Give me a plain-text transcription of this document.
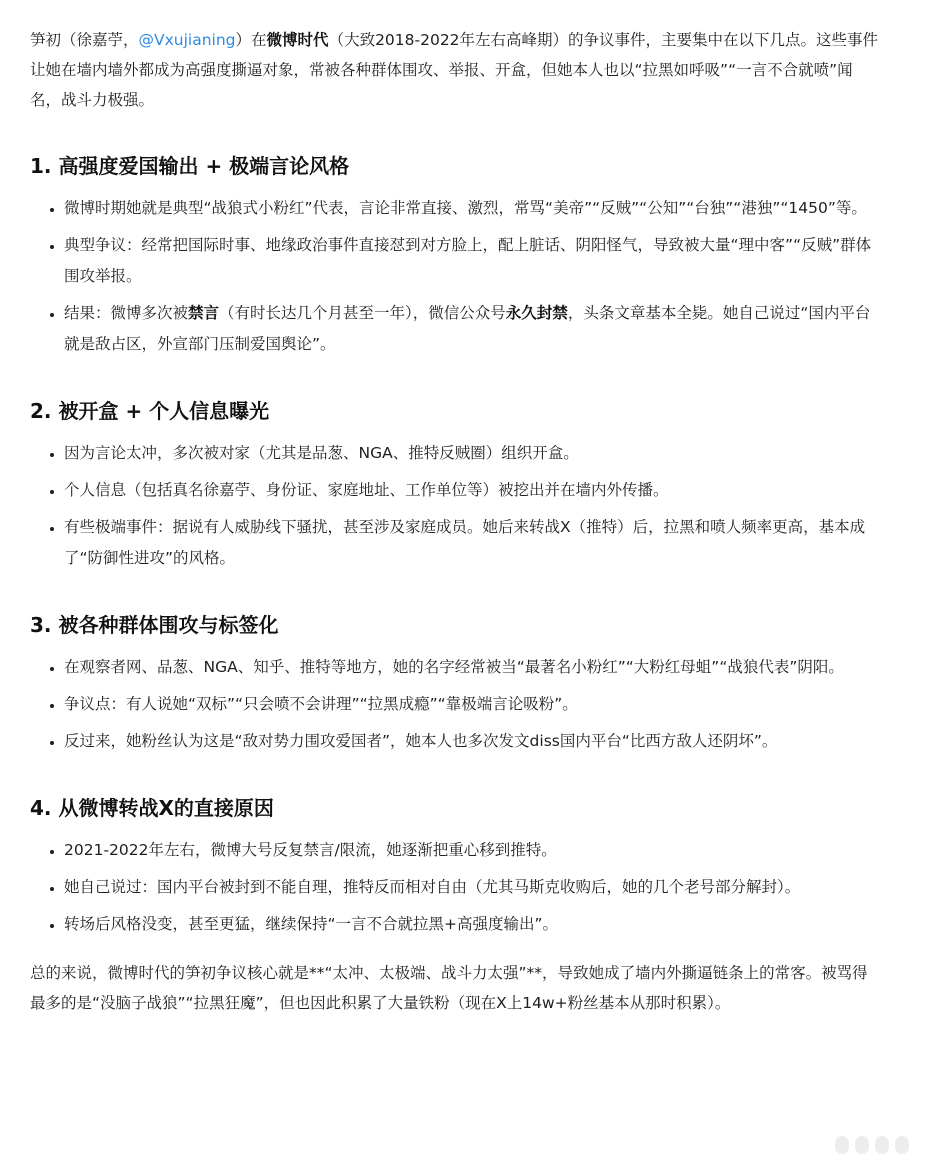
笋初（徐嘉苧，@Vxujianing）在微博时代（大致2018-2022年左右高峰期）的争议事件，主要集中在以下几点。这些事件让她在墙内墙外都成为高强度撕逼对象，常被各种群体围攻、举报、开盒，但她本人也以“拉黑如呼吸”“一言不合就喷”闻名，战斗力极强。

1. 高强度爱国输出 + 极端言论风格
• 微博时期她就是典型“战狼式小粉红”代表，言论非常直接、激烈，常骂“美帝”“反贼”“公知”“台独”“港独”“1450”等。
• 典型争议：经常把国际时事、地缘政治事件直接怼到对方脸上，配上脏话、阴阳怪气，导致被大量“理中客”“反贼”群体围攻举报。
• 结果：微博多次被禁言（有时长达几个月甚至一年），微信公众号永久封禁，头条文章基本全毙。她自己说过“国内平台就是敌占区，外宣部门压制爱国舆论”。
2. 被开盒 + 个人信息曝光
• 因为言论太冲，多次被对家（尤其是品葱、NGA、推特反贼圈）组织开盒。
• 个人信息（包括真名徐嘉苧、身份证、家庭地址、工作单位等）被挖出并在墙内外传播。
• 有些极端事件：据说有人威胁线下骚扰，甚至涉及家庭成员。她后来转战X（推特）后，拉黑和喷人频率更高，基本成了“防御性进攻”的风格。
3. 被各种群体围攻与标签化
• 在观察者网、品葱、NGA、知乎、推特等地方，她的名字经常被当“最著名小粉红”“大粉红母蛆”“战狼代表”阴阳。
• 争议点：有人说她“双标”“只会喷不会讲理”“拉黑成瘾”“靠极端言论吸粉”。
• 反过来，她粉丝认为这是“敌对势力围攻爱国者”，她本人也多次发文diss国内平台“比西方敌人还阴坏”。
4. 从微博转战X的直接原因
• 2021-2022年左右，微博大号反复禁言/限流，她逐渐把重心移到推特。
• 她自己说过：国内平台被封到不能自理，推特反而相对自由（尤其马斯克收购后，她的几个老号部分解封）。
• 转场后风格没变，甚至更猛，继续保持“一言不合就拉黑+高强度输出”。

总的来说，微博时代的笋初争议核心就是**“太冲、太极端、战斗力太强”**，导致她成了墙内外撕逼链条上的常客。被骂得最多的是“没脑子战狼”“拉黑狂魔”，但也因此积累了大量铁粉（现在X上14w+粉丝基本从那时积累）。
